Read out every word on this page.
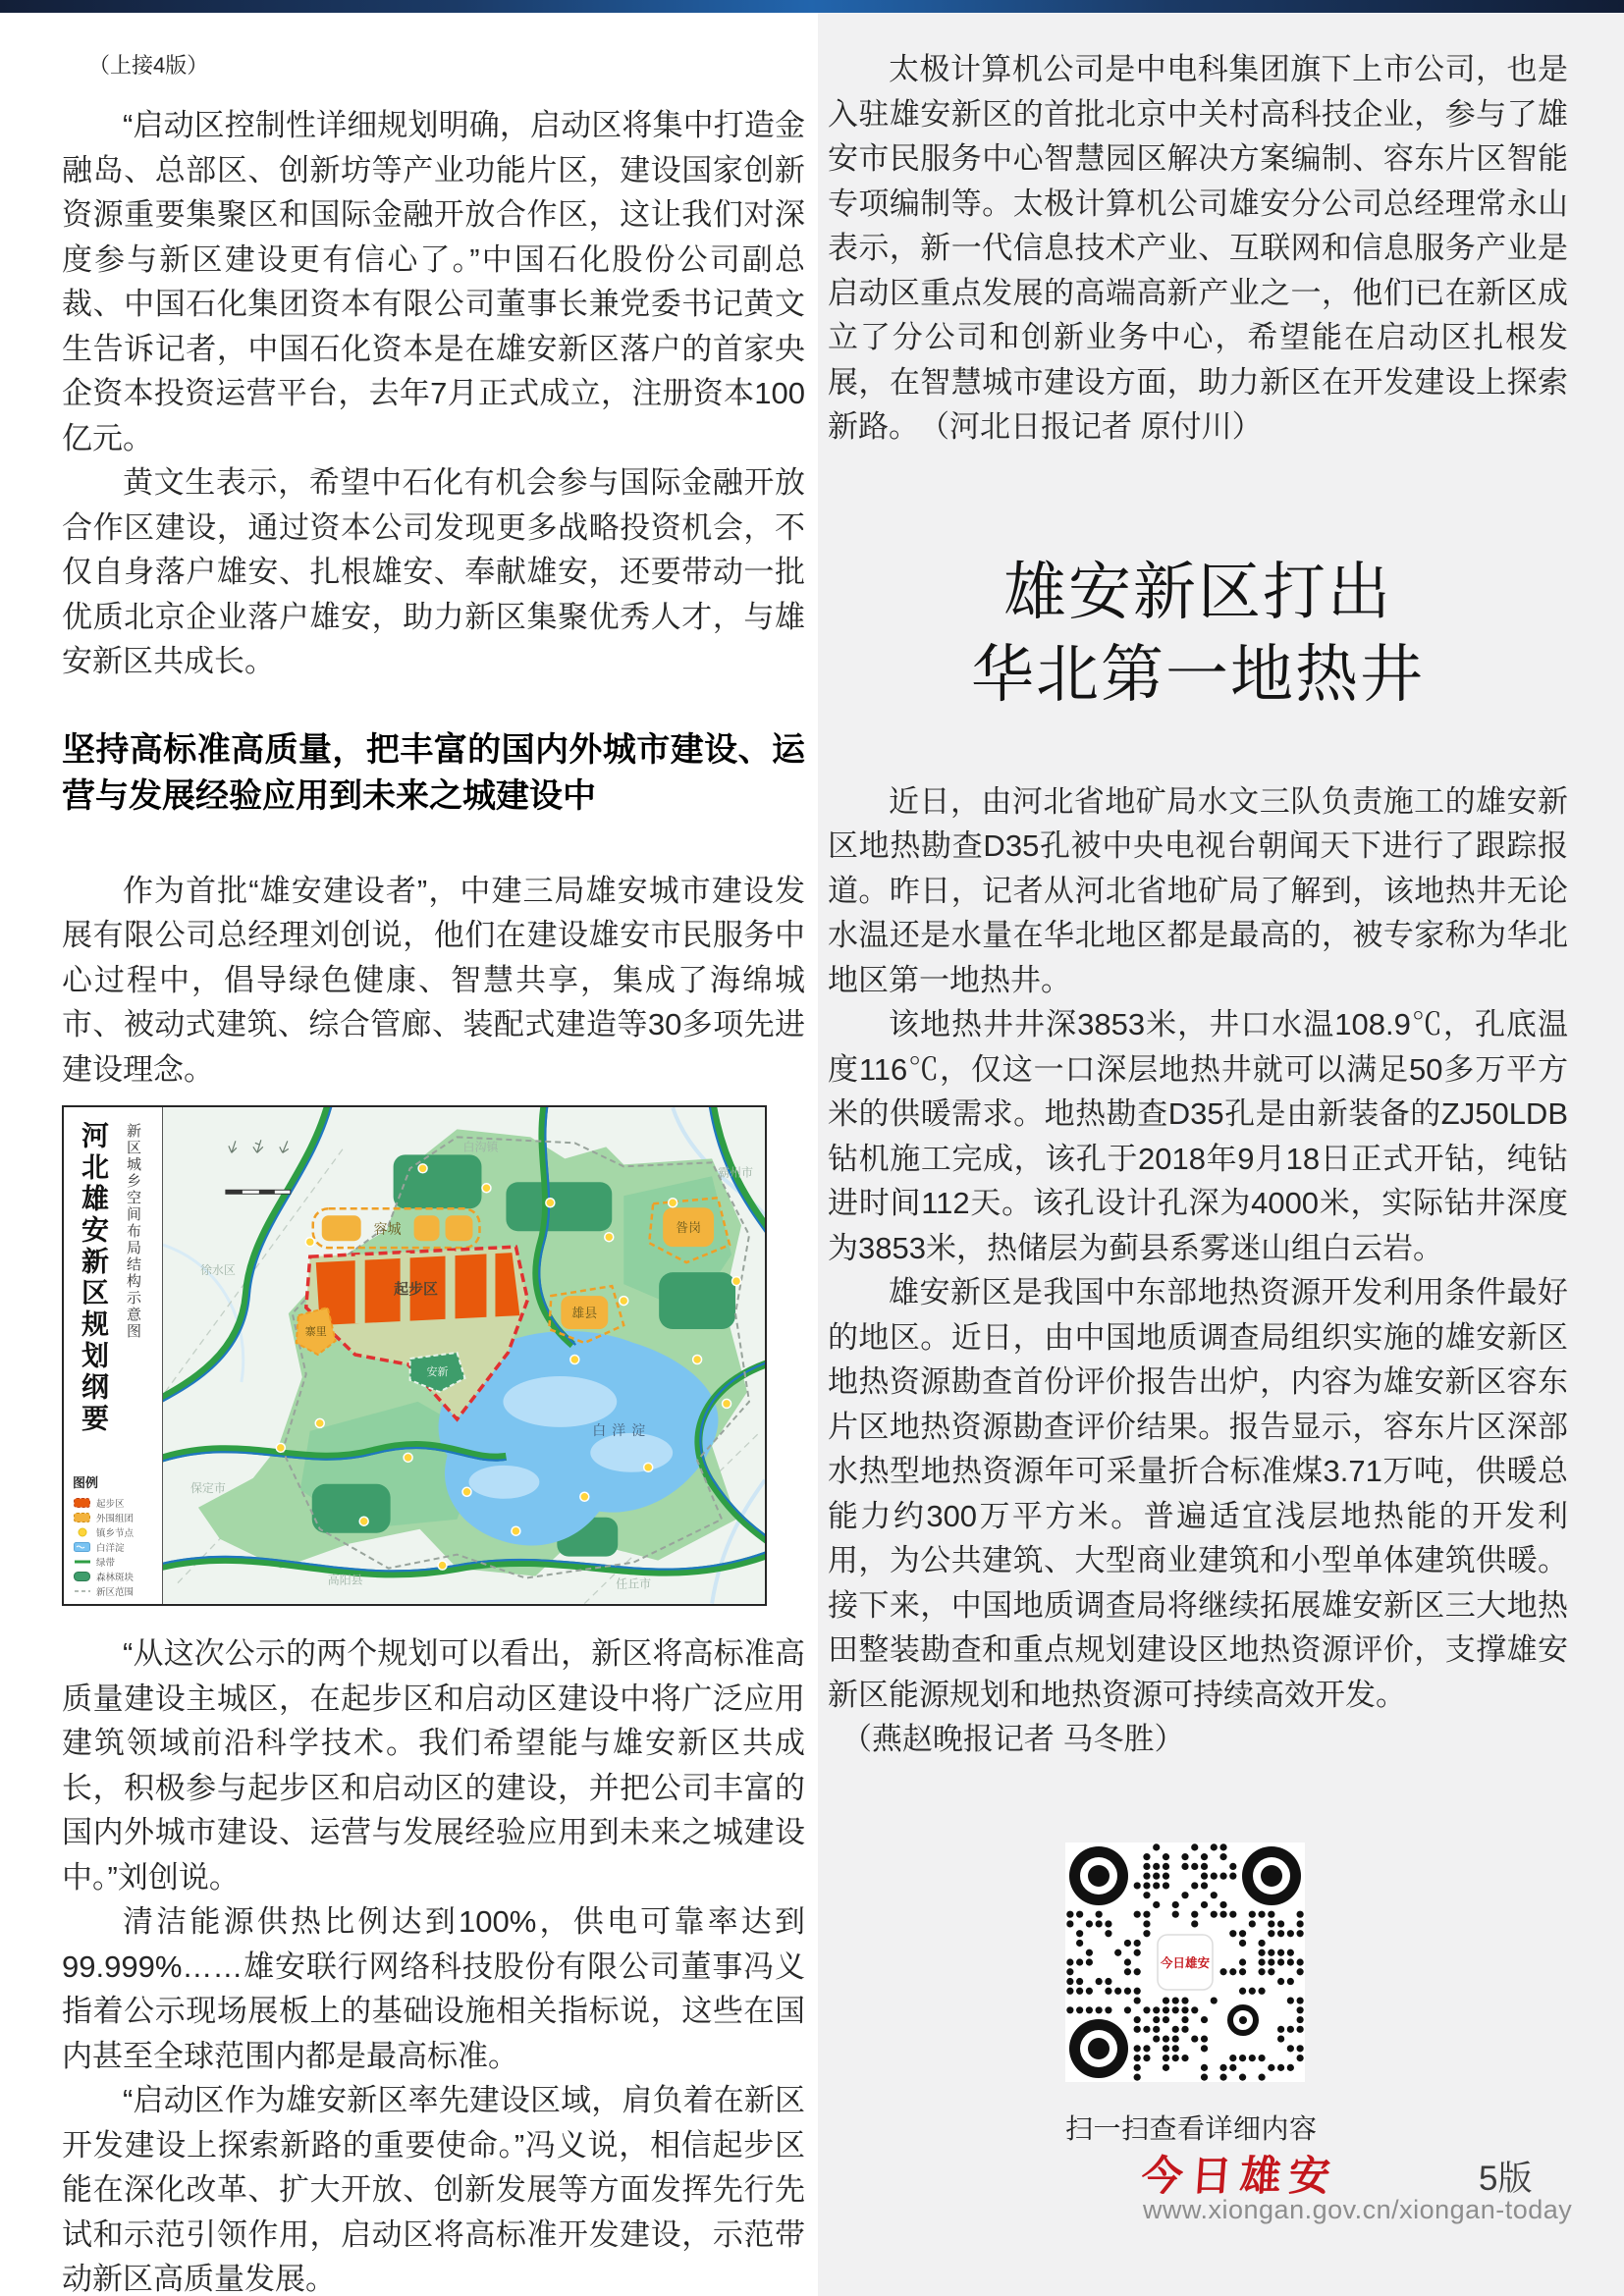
（上接4版）

“启动区控制性详细规划明确，启动区将集中打造金融岛、总部区、创新坊等产业功能片区，建设国家创新资源重要集聚区和国际金融开放合作区，这让我们对深度参与新区建设更有信心了。”中国石化股份公司副总裁、中国石化集团资本有限公司董事长兼党委书记黄文生告诉记者，中国石化资本是在雄安新区落户的首家央企资本投资运营平台，去年7月正式成立，注册资本100亿元。

黄文生表示，希望中石化有机会参与国际金融开放合作区建设，通过资本公司发现更多战略投资机会，不仅自身落户雄安、扎根雄安、奉献雄安，还要带动一批优质北京企业落户雄安，助力新区集聚优秀人才，与雄安新区共成长。

坚持高标准高质量，把丰富的国内外城市建设、运营与发展经验应用到未来之城建设中

作为首批“雄安建设者”，中建三局雄安城市建设发展有限公司总经理刘创说，他们在建设雄安市民服务中心过程中，倡导绿色健康、智慧共享，集成了海绵城市、被动式建筑、综合管廊、装配式建造等30多项先进建设理念。

河北雄安新区规划纲要 新区城乡空间布局结构示意图
图例
起步区
外围组团
镇乡节点
白洋淀
绿带
森林斑块
新区范围
容城
起步区
寨里
安新
雄县
昝岗
白洋淀
徐水区
保定市
高阳县	任丘市
霸州市
白沟镇

“从这次公示的两个规划可以看出，新区将高标准高质量建设主城区，在起步区和启动区建设中将广泛应用建筑领域前沿科学技术。我们希望能与雄安新区共成长，积极参与起步区和启动区的建设，并把公司丰富的国内外城市建设、运营与发展经验应用到未来之城建设中。”刘创说。

清洁能源供热比例达到100%，供电可靠率达到99.999%……雄安联行网络科技股份有限公司董事冯义指着公示现场展板上的基础设施相关指标说，这些在国内甚至全球范围内都是最高标准。

“启动区作为雄安新区率先建设区域，肩负着在新区开发建设上探索新路的重要使命。”冯义说，相信起步区能在深化改革、扩大开放、创新发展等方面发挥先行先试和示范引领作用，启动区将高标准开发建设，示范带动新区高质量发展。

太极计算机公司是中电科集团旗下上市公司，也是入驻雄安新区的首批北京中关村高科技企业，参与了雄安市民服务中心智慧园区解决方案编制、容东片区智能专项编制等。太极计算机公司雄安分公司总经理常永山表示，新一代信息技术产业、互联网和信息服务产业是启动区重点发展的高端高新产业之一，他们已在新区成立了分公司和创新业务中心，希望能在启动区扎根发展，在智慧城市建设方面，助力新区在开发建设上探索新路。　（河北日报记者 原付川）

雄安新区打出
华北第一地热井

近日，由河北省地矿局水文三队负责施工的雄安新区地热勘查D35孔被中央电视台朝闻天下进行了跟踪报道。昨日，记者从河北省地矿局了解到，该地热井无论水温还是水量在华北地区都是最高的，被专家称为华北地区第一地热井。

该地热井井深3853米，井口水温108.9℃，孔底温度116℃，仅这一口深层地热井就可以满足50多万平方米的供暖需求。地热勘查D35孔是由新装备的ZJ50LDB钻机施工完成，该孔于2018年9月18日正式开钻，纯钻进时间112天。该孔设计孔深为4000米，实际钻井深度为3853米，热储层为蓟县系雾迷山组白云岩。

雄安新区是我国中东部地热资源开发利用条件最好的地区。近日，由中国地质调查局组织实施的雄安新区地热资源勘查首份评价报告出炉，内容为雄安新区容东片区地热资源勘查评价结果。报告显示，容东片区深部水热型地热资源年可采量折合标准煤3.71万吨，供暖总能力约300万平方米。普遍适宜浅层地热能的开发利用，为公共建筑、大型商业建筑和小型单体建筑供暖。接下来，中国地质调查局将继续拓展雄安新区三大地热田整装勘查和重点规划建设区地热资源评价，支撑雄安新区能源规划和地热资源可持续高效开发。

（燕赵晚报记者 马冬胜）

今日雄安
扫一扫查看详细内容
今日雄安	5版
www.xiongan.gov.cn/xiongan-today
